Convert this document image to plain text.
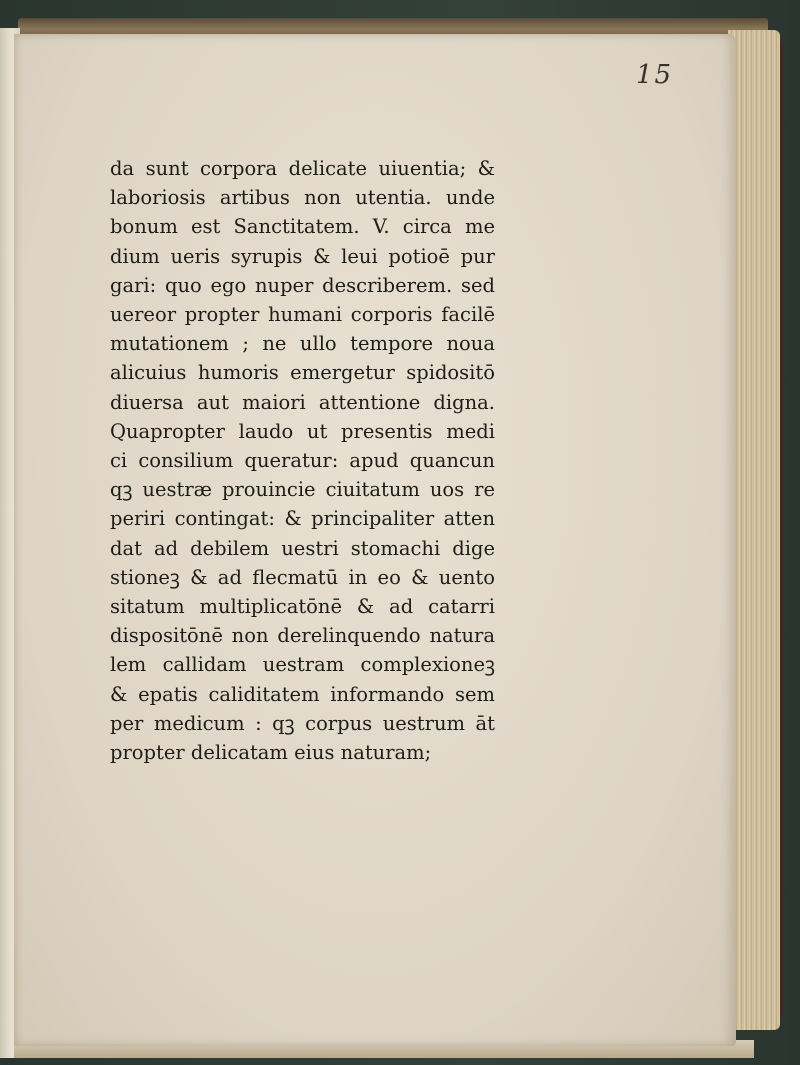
15
da sunt corpora delicate uiuentia; &
laboriosis artibus non utentia. unde
bonum est Sanctitatem. V. circa me
dium ueris syrupis & leui potioē pur
gari: quo ego nuper describerem. sed
uereor propter humani corporis facilē
mutationem ; ne ullo tempore noua
alicuius humoris emergetur spidositō
diuersa aut maiori attentione digna.
Quapropter laudo ut presentis medi
ci consilium queratur: apud quancun
qꝫ uestræ prouincie ciuitatum uos re
periri contingat: & principaliter atten
dat ad debilem uestri stomachi dige
stioneꝫ & ad flecmatū in eo & uento
sitatum multiplicatōnē & ad catarri
dispositōnē non derelinquendo natura
lem callidam uestram complexioneꝫ
& epatis caliditatem informando sem
per medicum : qꝫ corpus uestrum āt
propter delicatam eius naturam;
